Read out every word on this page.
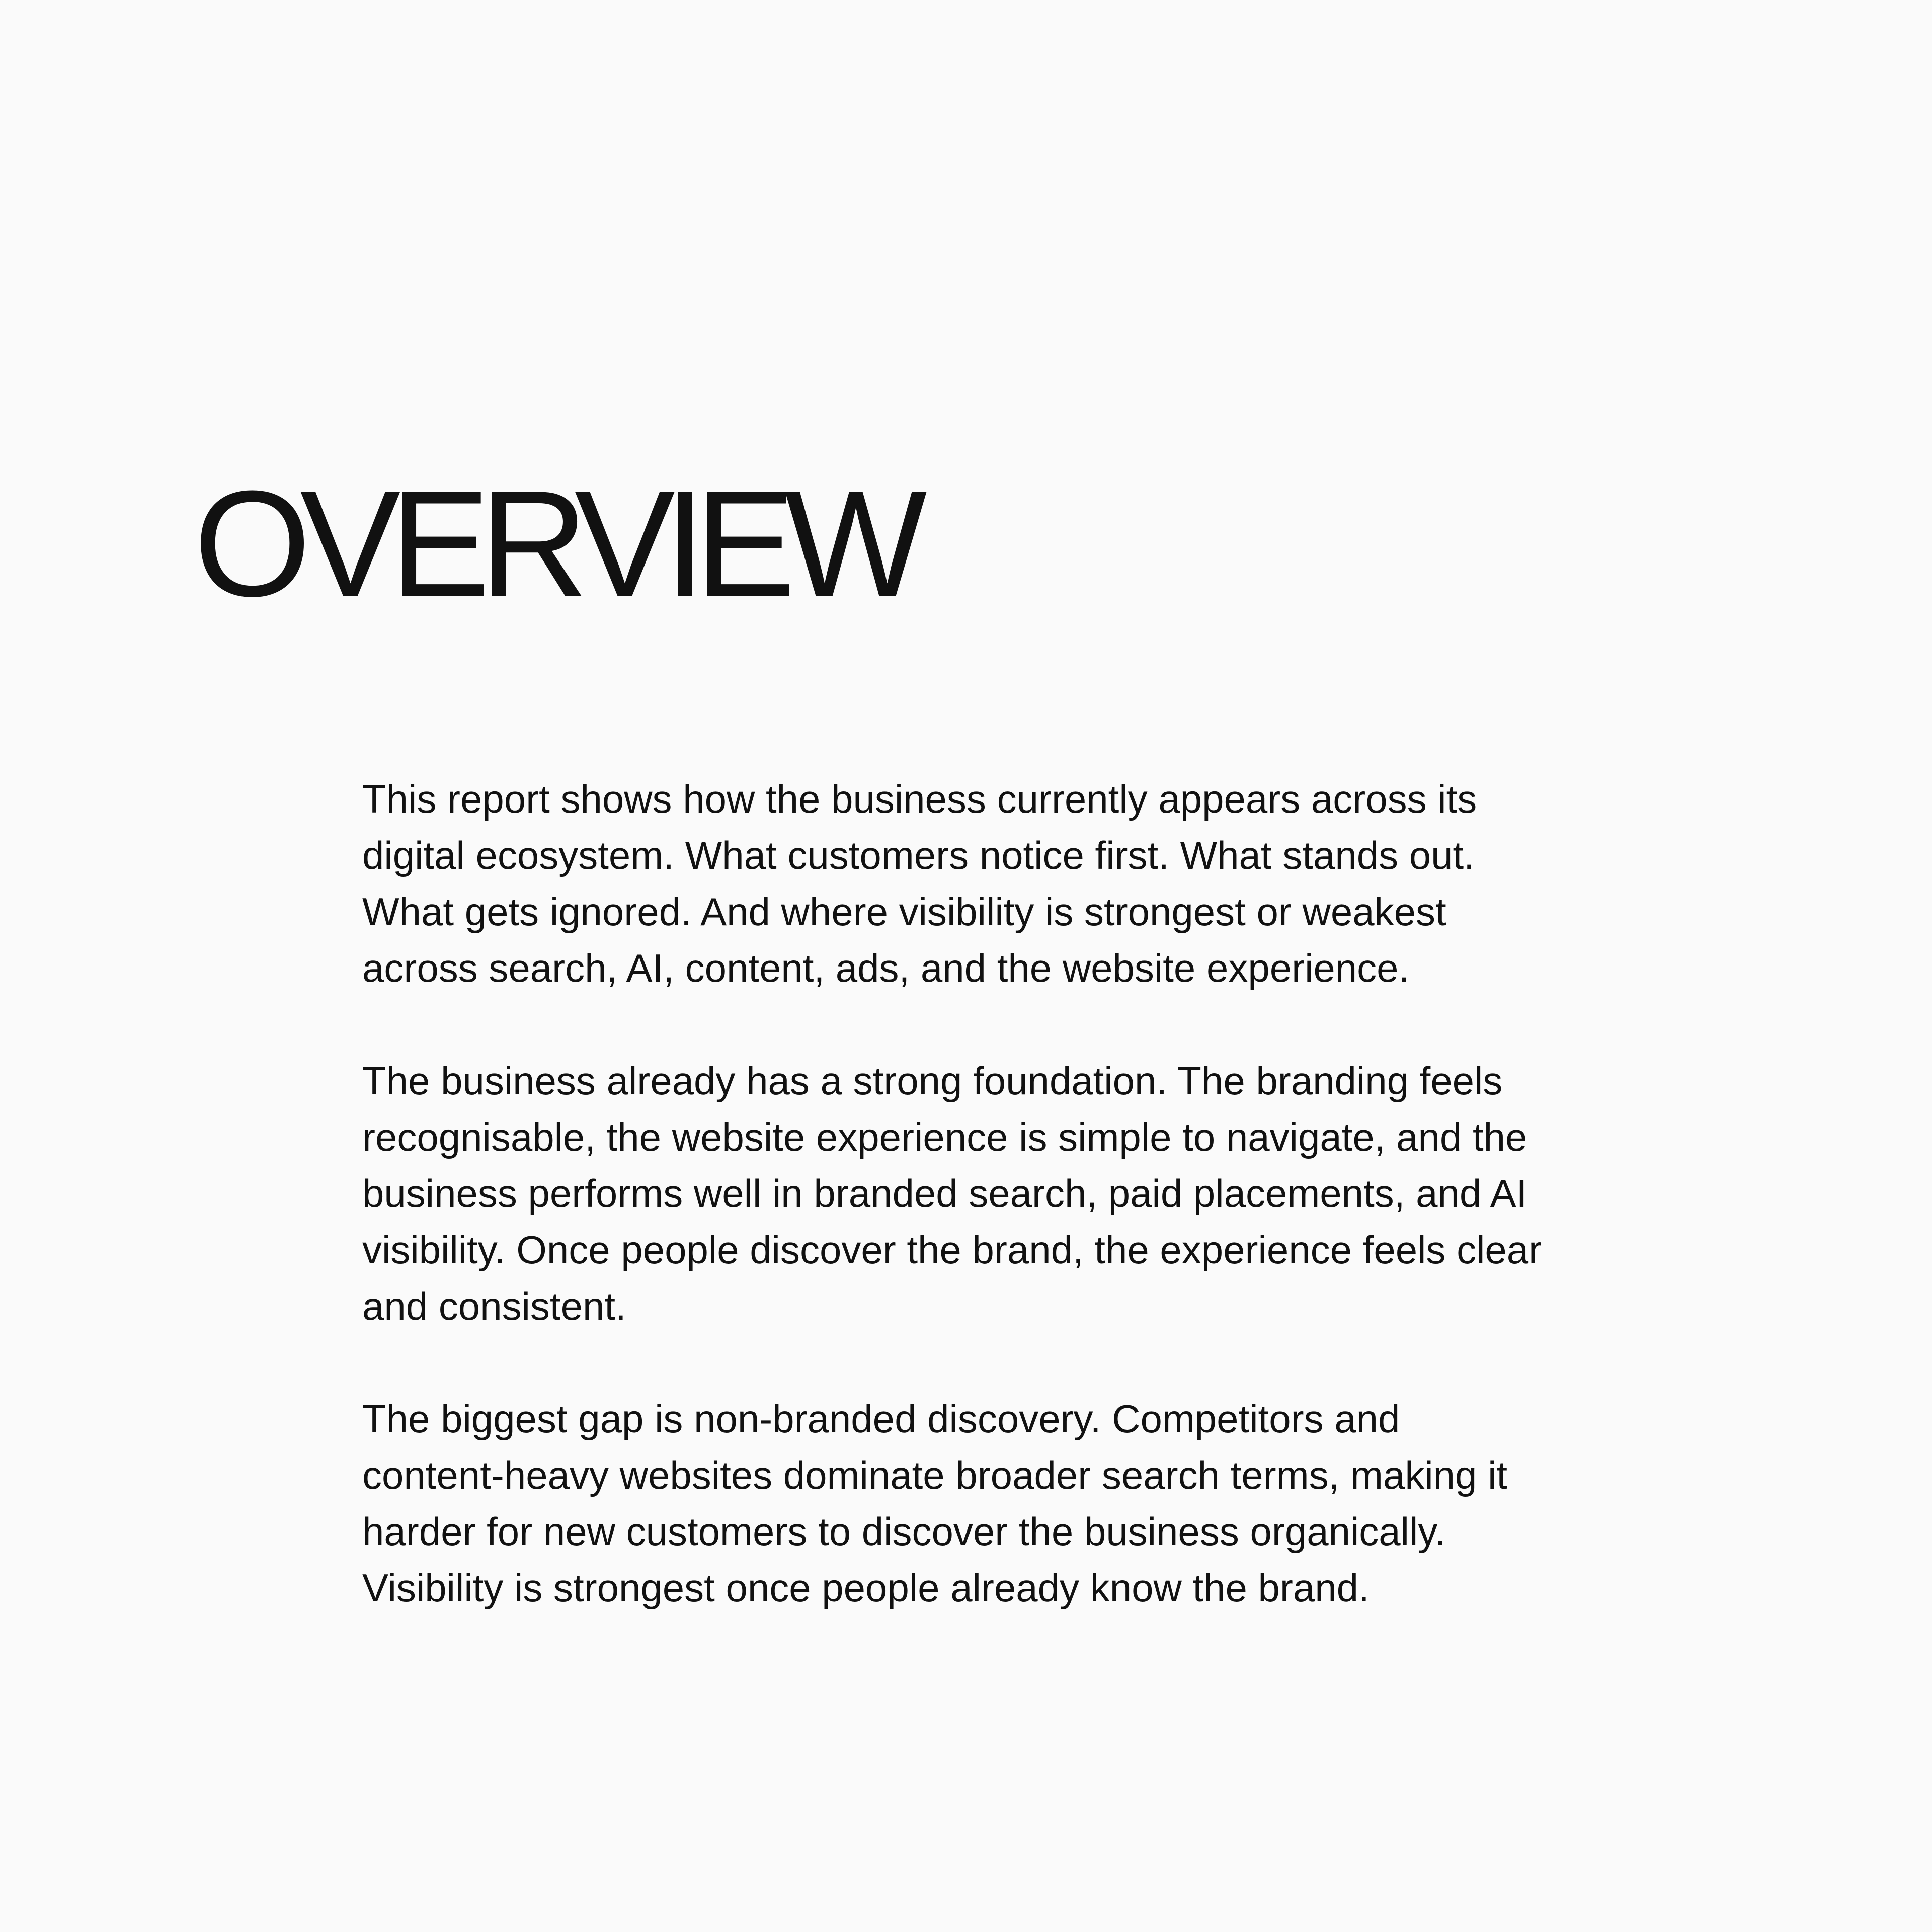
OVERVIEW

This report shows how the business currently appears across its
digital ecosystem. What customers notice first. What stands out.
What gets ignored. And where visibility is strongest or weakest
across search, AI, content, ads, and the website experience.

The business already has a strong foundation. The branding feels
recognisable, the website experience is simple to navigate, and the
business performs well in branded search, paid placements, and AI
visibility. Once people discover the brand, the experience feels clear
and consistent.

The biggest gap is non-branded discovery. Competitors and
content-heavy websites dominate broader search terms, making it
harder for new customers to discover the business organically.
Visibility is strongest once people already know the brand.
